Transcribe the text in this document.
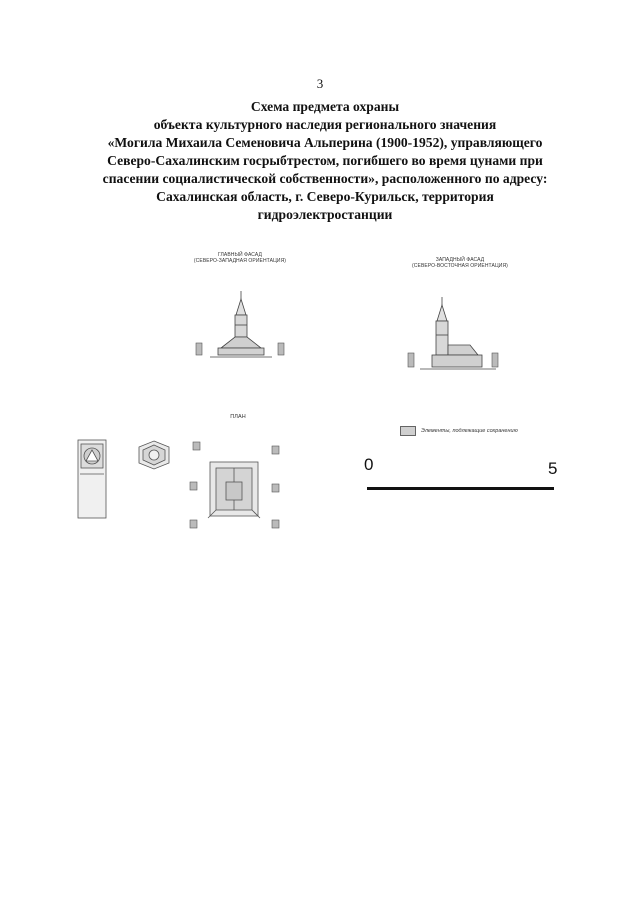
3
Схема предмета охраны
объекта культурного наследия регионального значения
«Могила Михаила Семеновича Альперина (1900-1952), управляющего
Северо-Сахалинским госрыбтрестом, погибшего во время цунами при
спасении социалистической собственности», расположенного по адресу:
Сахалинская область, г. Северо-Курильск, территория
гидроэлектростанции
ГЛАВНЫЙ ФАСАД
(СЕВЕРО-ЗАПАДНАЯ ОРИЕНТАЦИЯ)	ЗАПАДНЫЙ ФАСАД
(СЕВЕРО-ВОСТОЧНАЯ ОРИЕНТАЦИЯ)
ПЛАН
Элементы, подлежащие сохранению
0	5
